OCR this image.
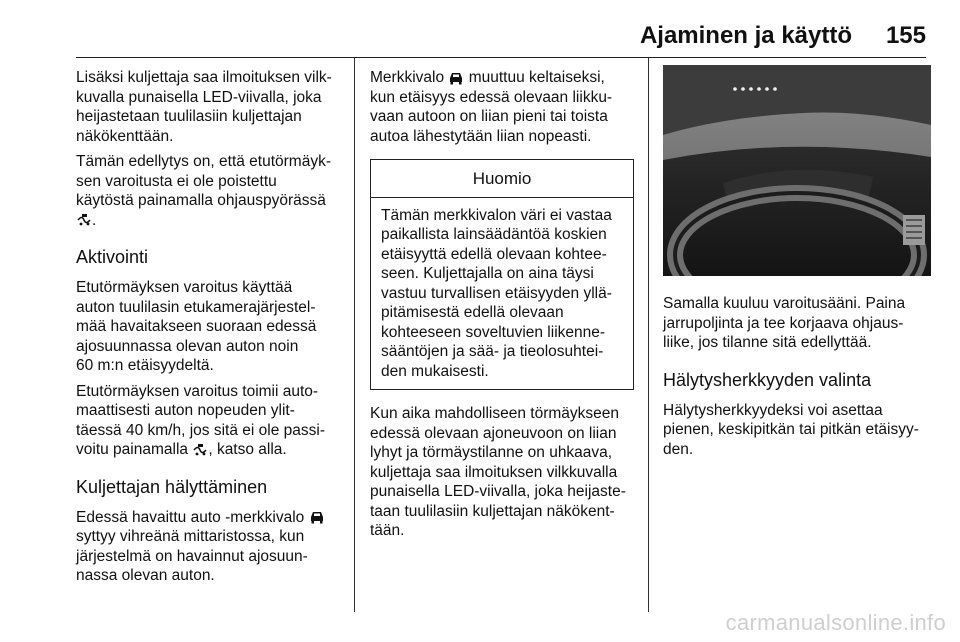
Ajaminen ja käyttö 155

Lisäksi kuljettaja saa ilmoituksen vilk-
kuvalla punaisella LED-viivalla, joka
heijastetaan tuulilasiin kuljettajan
näkökenttään.

Tämän edellytys on, että etutörmäyk-
sen varoitusta ei ole poistettu
käytöstä painamalla ohjauspyörässä
.

Aktivointi

Etutörmäyksen varoitus käyttää
auton tuulilasin etukamerajärjestel-
mää havaitakseen suoraan edessä
ajosuunnassa olevan auton noin
60 m:n etäisyydeltä.

Etutörmäyksen varoitus toimii auto-
maattisesti auton nopeuden ylit-
täessä 40 km/h, jos sitä ei ole passi-
voitu painamalla , katso alla.

Kuljettajan hälyttäminen

Edessä havaittu auto -merkkivalo
syttyy vihreänä mittaristossa, kun
järjestelmä on havainnut ajosuun-
nassa olevan auton.

Merkkivalo muuttuu keltaiseksi,
kun etäisyys edessä olevaan liikku-
vaan autoon on liian pieni tai toista
autoa lähestytään liian nopeasti.

Huomio
Tämän merkkivalon väri ei vastaa
paikallista lainsäädäntöä koskien
etäisyyttä edellä olevaan kohtee-
seen. Kuljettajalla on aina täysi
vastuu turvallisen etäisyyden yllä-
pitämisestä edellä olevaan
kohteeseen soveltuvien liikenne-
sääntöjen ja sää- ja tieolosuhtei-
den mukaisesti.

Kun aika mahdolliseen törmäykseen
edessä olevaan ajoneuvoon on liian
lyhyt ja törmäystilanne on uhkaava,
kuljettaja saa ilmoituksen vilkkuvalla
punaisella LED-viivalla, joka heijaste-
taan tuulilasiin kuljettajan näkökent-
tään.

Samalla kuuluu varoitusääni. Paina
jarrupoljinta ja tee korjaava ohjaus-
liike, jos tilanne sitä edellyttää.

Hälytysherkkyyden valinta

Hälytysherkkyydeksi voi asettaa
pienen, keskipitkän tai pitkän etäisyy-
den.

carmanualsonline.info
